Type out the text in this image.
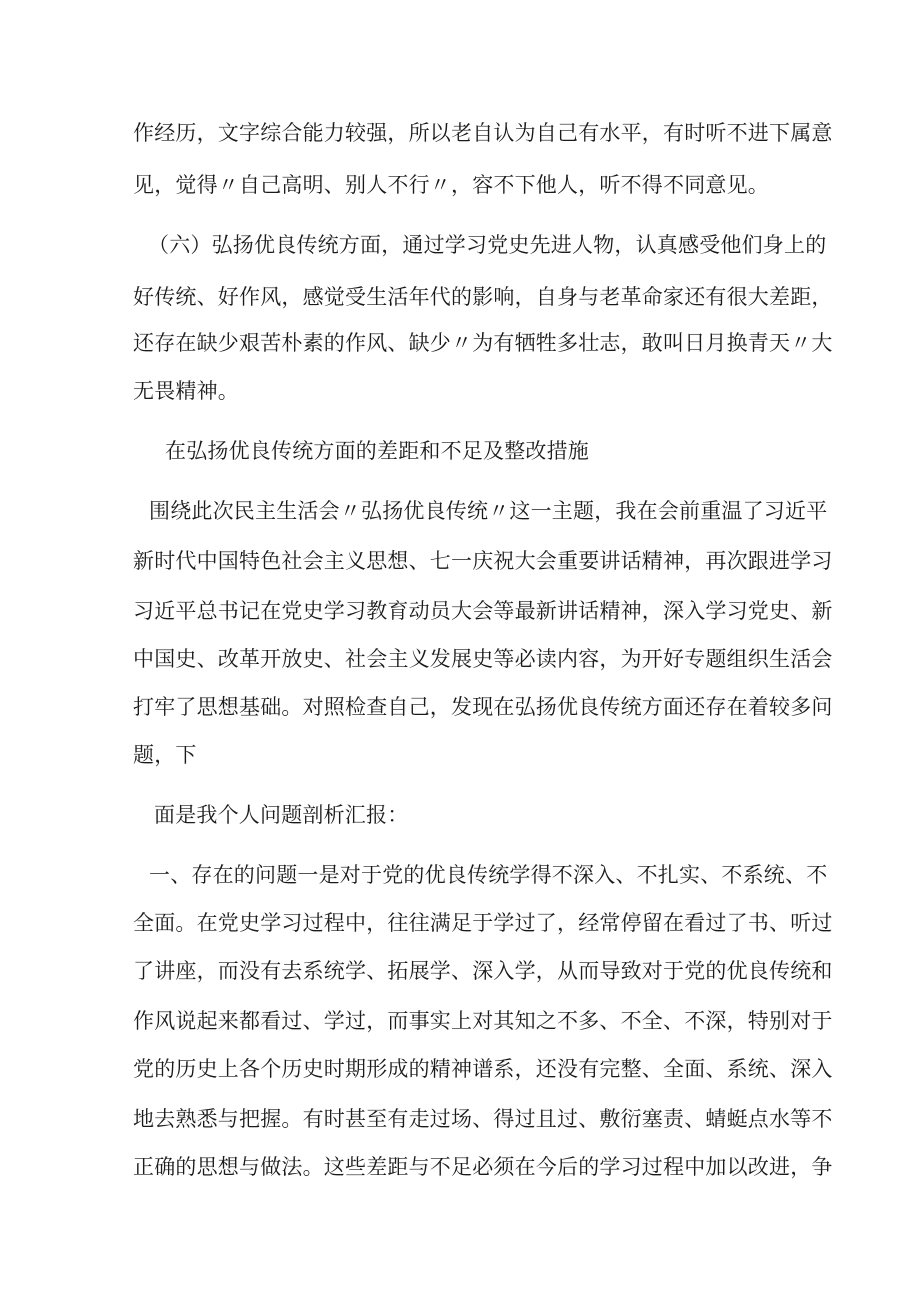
作经历，文字综合能力较强，所以老自认为自己有水平，有时听不进下属意
见，觉得〃自己高明、别人不行〃，容不下他人，听不得不同意见。
（六）弘扬优良传统方面，通过学习党史先进人物，认真感受他们身上的
好传统、好作风，感觉受生活年代的影响，自身与老革命家还有很大差距，
还存在缺少艰苦朴素的作风、缺少〃为有牺牲多壮志，敢叫日月换青天〃大
无畏精神。
在弘扬优良传统方面的差距和不足及整改措施
围绕此次民主生活会〃弘扬优良传统〃这一主题，我在会前重温了习近平
新时代中国特色社会主义思想、七一庆祝大会重要讲话精神，再次跟进学习
习近平总书记在党史学习教育动员大会等最新讲话精神，深入学习党史、新
中国史、改革开放史、社会主义发展史等必读内容，为开好专题组织生活会
打牢了思想基础。对照检查自己，发现在弘扬优良传统方面还存在着较多问
题，下
面是我个人问题剖析汇报：
一、存在的问题一是对于党的优良传统学得不深入、不扎实、不系统、不
全面。在党史学习过程中，往往满足于学过了，经常停留在看过了书、听过
了讲座，而没有去系统学、拓展学、深入学，从而导致对于党的优良传统和
作风说起来都看过、学过，而事实上对其知之不多、不全、不深，特别对于
党的历史上各个历史时期形成的精神谱系，还没有完整、全面、系统、深入
地去熟悉与把握。有时甚至有走过场、得过且过、敷衍塞责、蜻蜓点水等不
正确的思想与做法。这些差距与不足必须在今后的学习过程中加以改进，争
